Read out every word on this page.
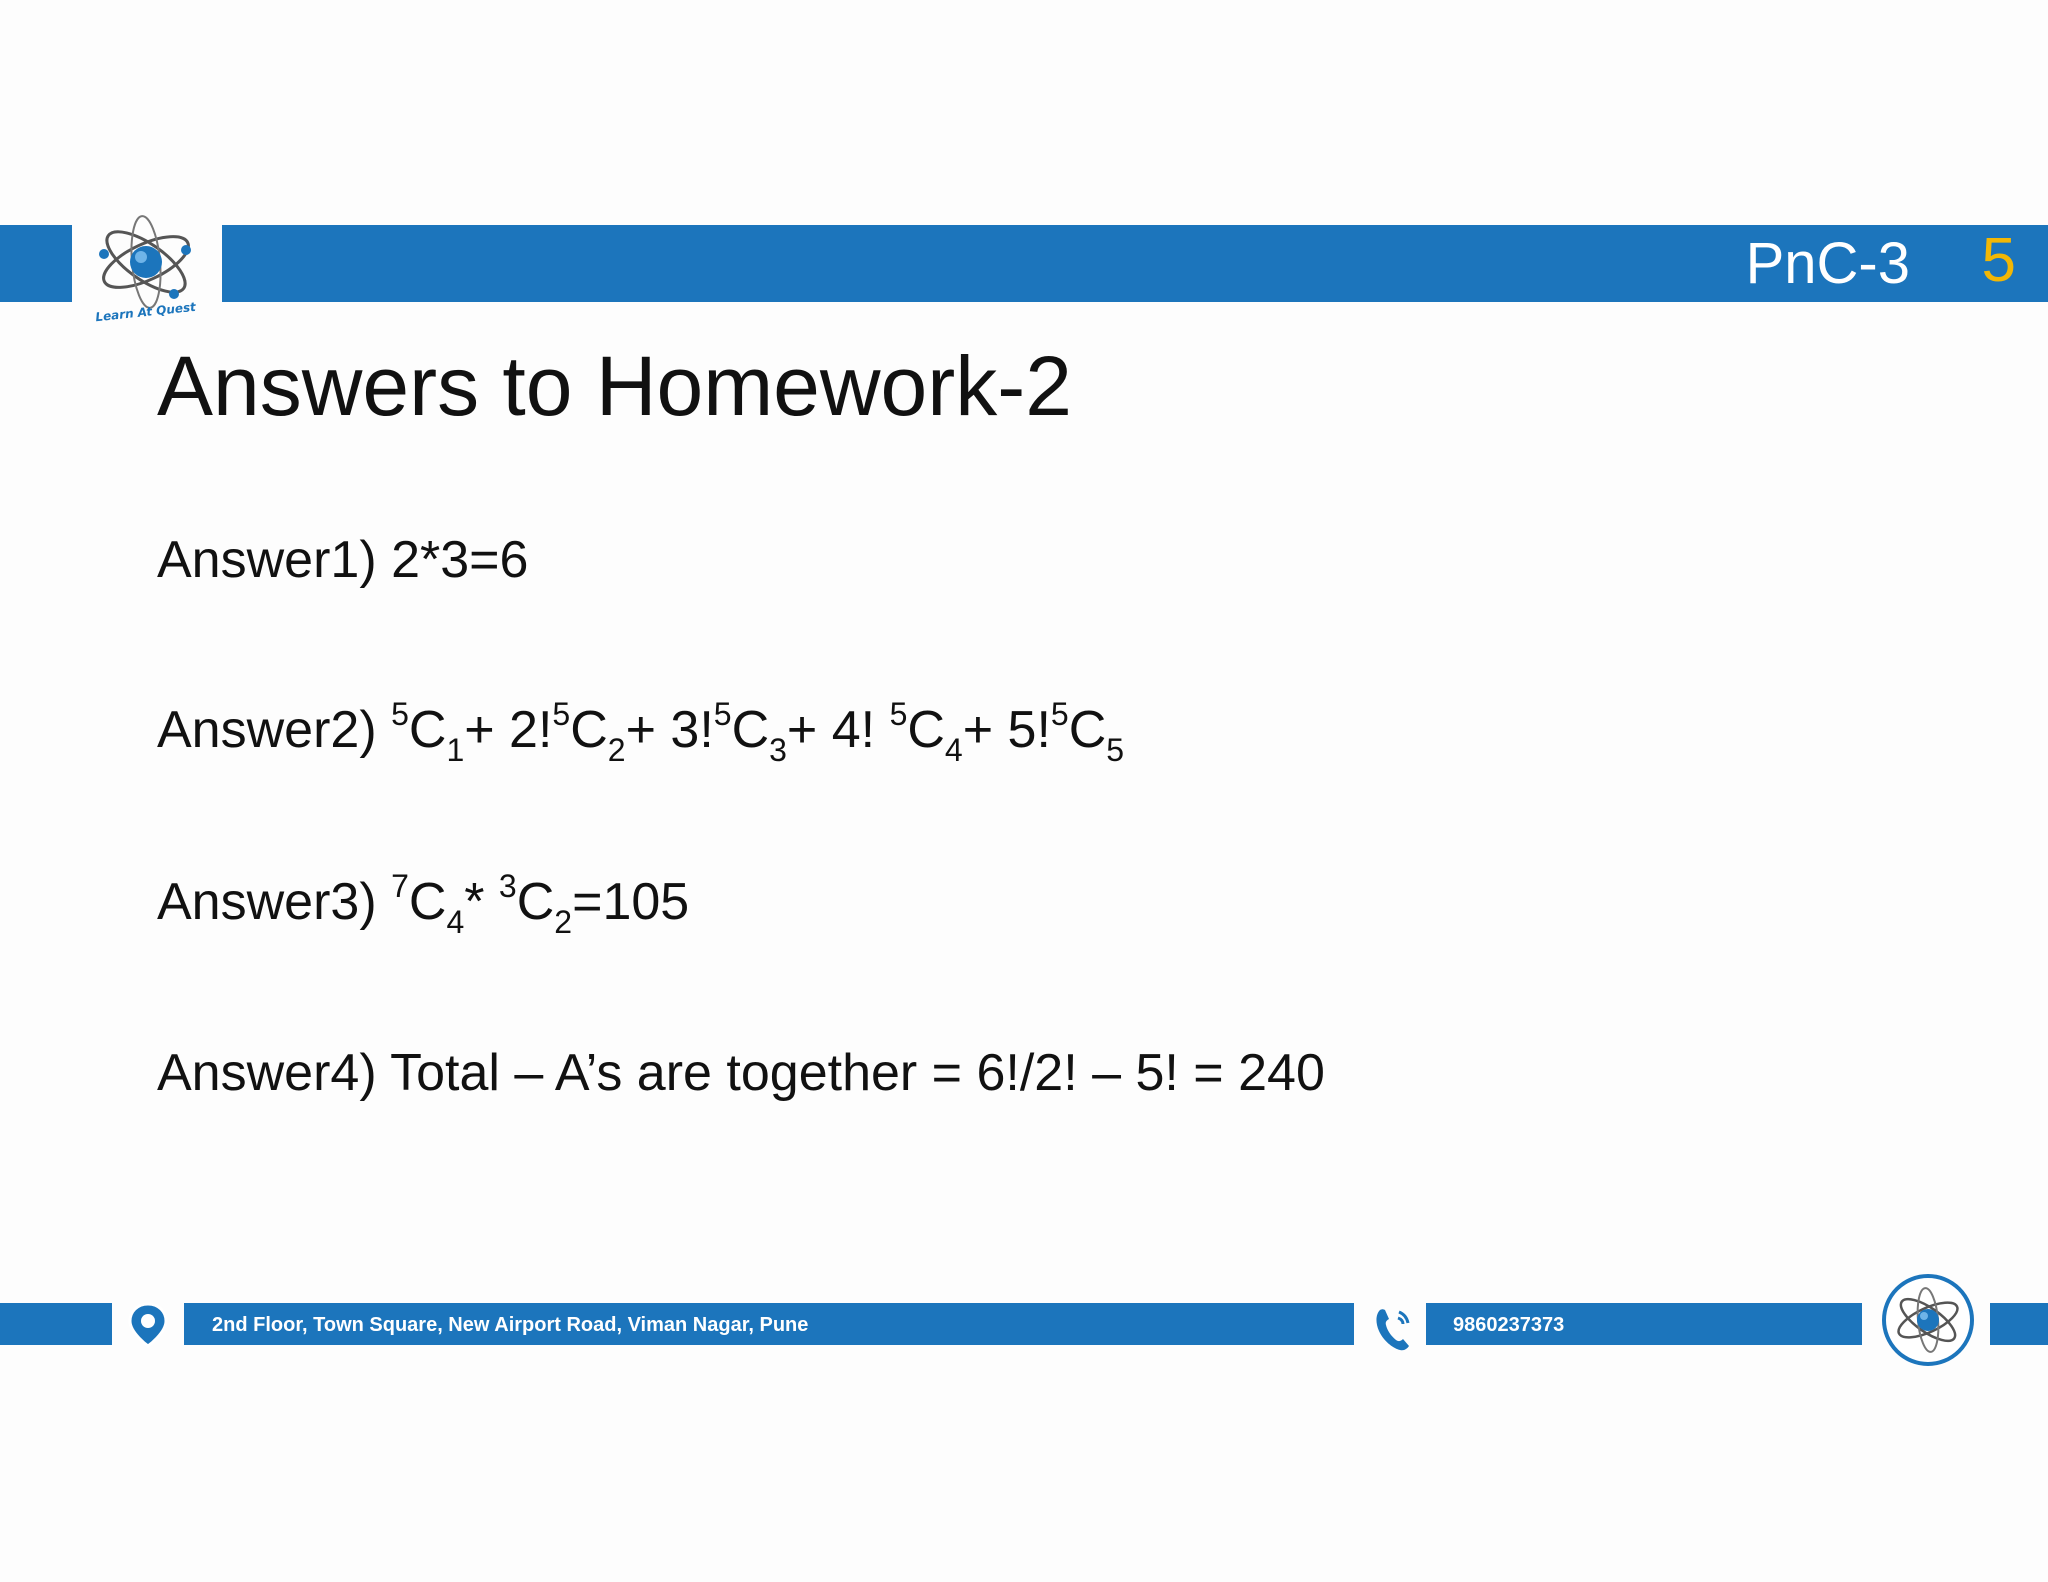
Learn At Quest
PnC-3 5
Answers to Homework-2
Answer1) 2*3=6
Answer2) $^5C_1+ 2!^5C_2+ 3!^5C_3+ 4$! $^5C_4+ 5!^5C_5$
Answer3) $^7C_4*$ $^3C_2=105$
Answer4) Total – A’s are together = 6!/2! – 5! = 240
2nd Floor, Town Square, New Airport Road, Viman Nagar, Pune	9860237373
